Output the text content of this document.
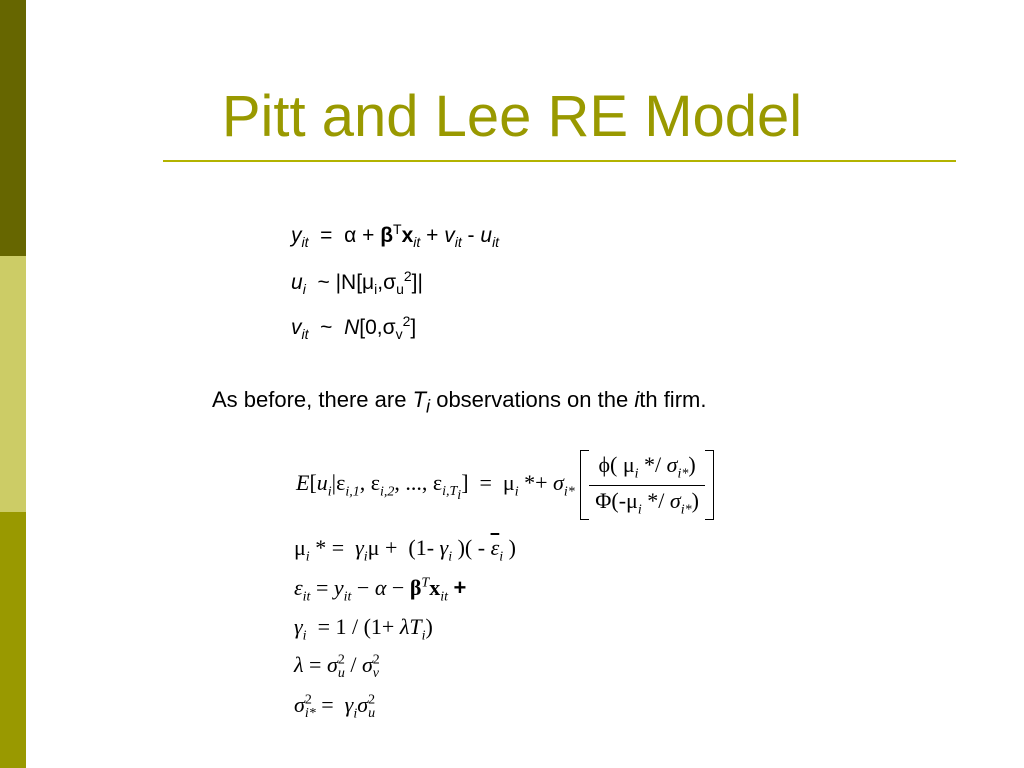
Pitt and Lee RE Model
$y_{it} = \alpha + \beta^Tx_{it} + v_{it} - u_{it}$
$u_i$  ~ $|N[\mu_i,\sigma_u^2]|$
$v_{it}$  ~  $N[0,\sigma_v^2]$
As before, there are $T_i$ observations on the ith firm.
$E[u_i|\varepsilon_{i,1}$, $\varepsilon_{i,2}$, ..., $\varepsilon_{i,T_i}] = \mu_i *+ \sigma_{i*} \frac{\phi( \mu_i */ \sigma_{i*})}{\Phi(-\mu_i */ \sigma_{i*})}$
$\mu_i$ * =  $\gamma_i\mu + (1-$ $\gamma_i$ )( - $\overline{\varepsilon}_i$ )
$\varepsilon_{it} = y_{it} - \alpha - \beta^Tx_{it}$ +
$\gamma_i = 1 / (1+ \lambda T_i)$
$\lambda = \sigma^2_u / \sigma^2_v$
$\sigma^2_{i*} = \gamma_i\sigma^2_u$
